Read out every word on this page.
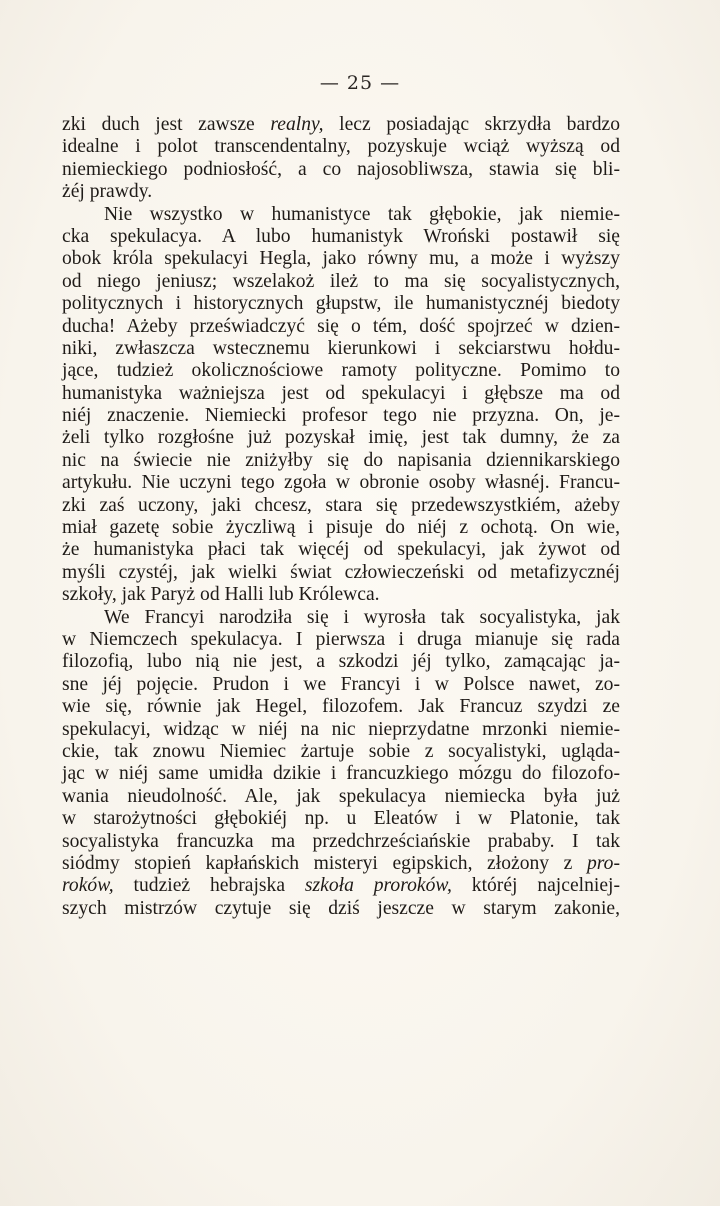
— 25 —
zki duch jest zawsze realny, lecz posiadając skrzydła bardzo
idealne i polot transcendentalny, pozyskuje wciąż wyższą od
niemieckiego podniosłość, a co najosobliwsza, stawia się bli-
żéj prawdy.
Nie wszystko w humanistyce tak głębokie, jak niemie-
cka spekulacya. A lubo humanistyk Wroński postawił się
obok króla spekulacyi Hegla, jako równy mu, a może i wyższy
od niego jeniusz; wszelakoż ileż to ma się socyalistycznych,
politycznych i historycznych głupstw, ile humanistycznéj biedoty
ducha! Ażeby przeświadczyć się o tém, dość spojrzeć w dzien-
niki, zwłaszcza wstecznemu kierunkowi i sekciarstwu hołdu-
jące, tudzież okolicznościowe ramoty polityczne. Pomimo to
humanistyka ważniejsza jest od spekulacyi i głębsze ma od
niéj znaczenie. Niemiecki profesor tego nie przyzna. On, je-
żeli tylko rozgłośne już pozyskał imię, jest tak dumny, że za
nic na świecie nie zniżyłby się do napisania dziennikarskiego
artykułu. Nie uczyni tego zgoła w obronie osoby własnéj. Francu-
zki zaś uczony, jaki chcesz, stara się przedewszystkiém, ażeby
miał gazetę sobie życzliwą i pisuje do niéj z ochotą. On wie,
że humanistyka płaci tak więcéj od spekulacyi, jak żywot od
myśli czystéj, jak wielki świat człowieczeński od metafizycznéj
szkoły, jak Paryż od Halli lub Królewca.
We Francyi narodziła się i wyrosła tak socyalistyka, jak
w Niemczech spekulacya. I pierwsza i druga mianuje się rada
filozofią, lubo nią nie jest, a szkodzi jéj tylko, zamącając ja-
sne jéj pojęcie. Prudon i we Francyi i w Polsce nawet, zo-
wie się, równie jak Hegel, filozofem. Jak Francuz szydzi ze
spekulacyi, widząc w niéj na nic nieprzydatne mrzonki niemie-
ckie, tak znowu Niemiec żartuje sobie z socyalistyki, ugląda-
jąc w niéj same umidła dzikie i francuzkiego mózgu do filozofo-
wania nieudolność. Ale, jak spekulacya niemiecka była już
w starożytności głębokiéj np. u Eleatów i w Platonie, tak
socyalistyka francuzka ma przedchrześciańskie prababy. I tak
siódmy stopień kapłańskich misteryi egipskich, złożony z pro-
roków, tudzież hebrajska szkoła proroków, któréj najcelniej-
szych mistrzów czytuje się dziś jeszcze w starym zakonie,
